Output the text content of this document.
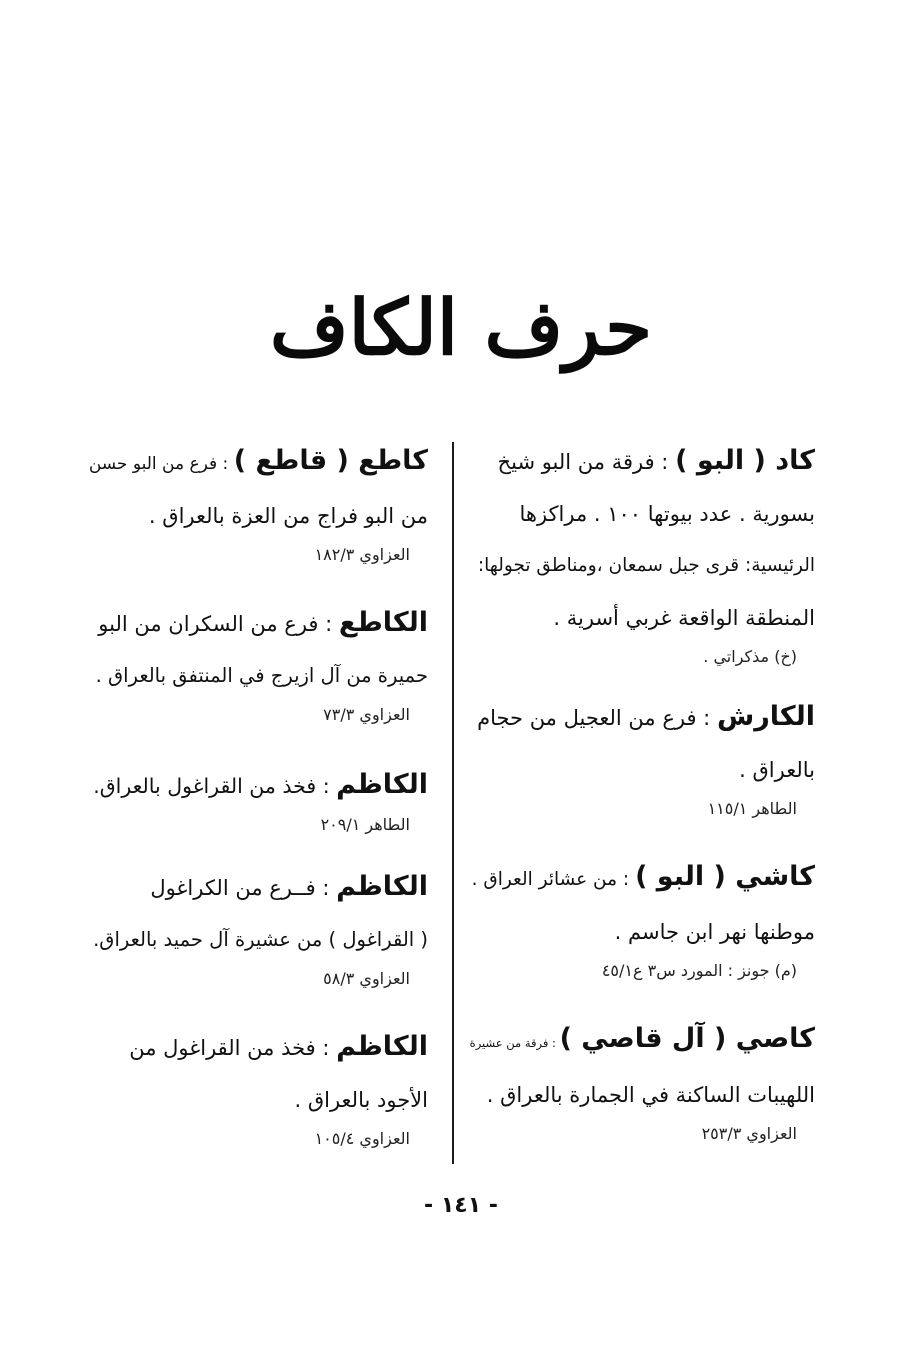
حرف الكاف
كاد ( البو ) : فرقة من البو شيخ
بسورية . عدد بيوتها ١٠٠ . مراكزها
الرئيسية: قرى جبل سمعان ،ومناطق تجولها:
المنطقة الواقعة غربي أسرية .
(خ) مذكراتي .
الكارش : فرع من العجيل من حجام
بالعراق .
الطاهر ١١٥/١
كاشي ( البو ) : من عشائر العراق .
موطنها نهر ابن جاسم .
(م) جونز : المورد س٣ ع٤٥/١
كاصي ( آل قاصي ) : فرقة من عشيرة
اللهيبات الساكنة في الجمارة بالعراق .
العزاوي ٢٥٣/٣
كاطع ( قاطع ) : فرع من البو حسن
من البو فراج من العزة بالعراق .
العزاوي ١٨٢/٣
الكاطع : فرع من السكران من البو
حميرة من آل ازيرج في المنتفق بالعراق .
العزاوي ٧٣/٣
الكاظم : فخذ من القراغول بالعراق.
الطاهر ٢٠٩/١
الكاظم : فــرع من الكراغول
( القراغول ) من عشيرة آل حميد بالعراق.
العزاوي ٥٨/٣
الكاظم : فخذ من القراغول من
الأجود بالعراق .
العزاوي ١٠٥/٤
- ١٤١ -
